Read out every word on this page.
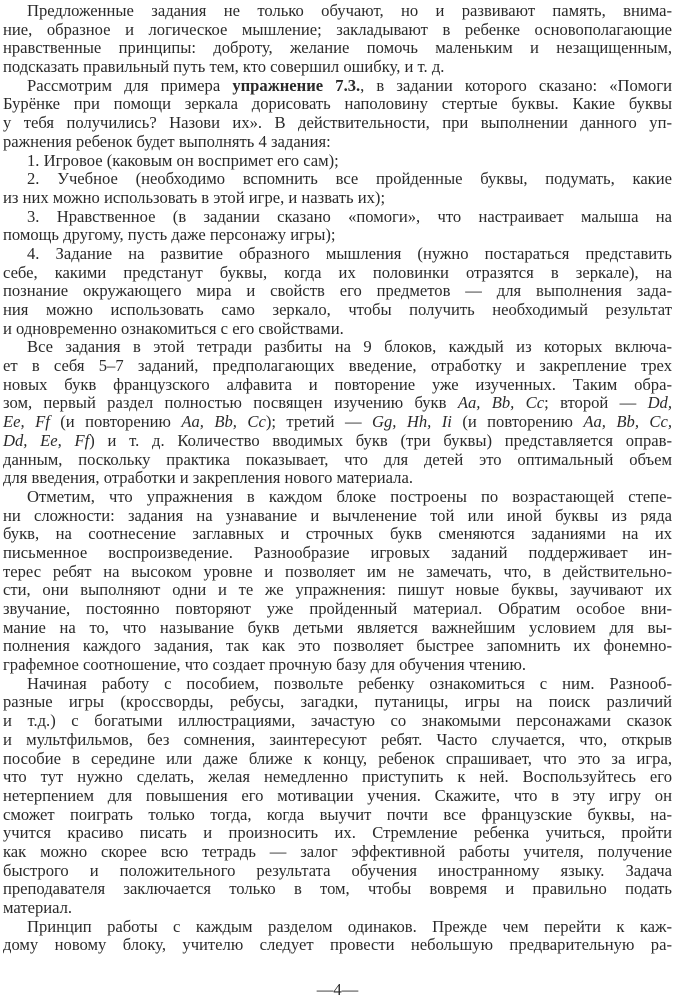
Предложенные задания не только обучают, но и развивают память, внима-
ние, образное и логическое мышление; закладывают в ребенке основополагающие
нравственные принципы: доброту, желание помочь маленьким и незащищенным,
подсказать правильный путь тем, кто совершил ошибку, и т. д.
Рассмотрим для примера упражнение 7.3., в задании которого сказано: «Помоги
Бурёнке при помощи зеркала дорисовать наполовину стертые буквы. Какие буквы
у тебя получились? Назови их». В действительности, при выполнении данного уп-
ражнения ребенок будет выполнять 4 задания:
1. Игровое (каковым он воспримет его сам);
2. Учебное (необходимо вспомнить все пройденные буквы, подумать, какие
из них можно использовать в этой игре, и назвать их);
3. Нравственное (в задании сказано «помоги», что настраивает малыша на
помощь другому, пусть даже персонажу игры);
4. Задание на развитие образного мышления (нужно постараться представить
себе, какими предстанут буквы, когда их половинки отразятся в зеркале), на
познание окружающего мира и свойств его предметов — для выполнения зада-
ния можно использовать само зеркало, чтобы получить необходимый результат
и одновременно ознакомиться с его свойствами.
Все задания в этой тетради разбиты на 9 блоков, каждый из которых включа-
ет в себя 5–7 заданий, предполагающих введение, отработку и закрепление трех
новых букв французского алфавита и повторение уже изученных. Таким обра-
зом, первый раздел полностью посвящен изучению букв Aa, Bb, Cc; второй — Dd,
Ee, Ff (и повторению Aa, Bb, Cc); третий — Gg, Hh, Ii (и повторению Aa, Bb, Cc,
Dd, Ee, Ff) и т. д. Количество вводимых букв (три буквы) представляется оправ-
данным, поскольку практика показывает, что для детей это оптимальный объем
для введения, отработки и закрепления нового материала.
Отметим, что упражнения в каждом блоке построены по возрастающей степе-
ни сложности: задания на узнавание и вычленение той или иной буквы из ряда
букв, на соотнесение заглавных и строчных букв сменяются заданиями на их
письменное воспроизведение. Разнообразие игровых заданий поддерживает ин-
терес ребят на высоком уровне и позволяет им не замечать, что, в действительно-
сти, они выполняют одни и те же упражнения: пишут новые буквы, заучивают их
звучание, постоянно повторяют уже пройденный материал. Обратим особое вни-
мание на то, что называние букв детьми является важнейшим условием для вы-
полнения каждого задания, так как это позволяет быстрее запомнить их фонемно-
графемное соотношение, что создает прочную базу для обучения чтению.
Начиная работу с пособием, позвольте ребенку ознакомиться с ним. Разнооб-
разные игры (кроссворды, ребусы, загадки, путаницы, игры на поиск различий
и т.д.) с богатыми иллюстрациями, зачастую со знакомыми персонажами сказок
и мультфильмов, без сомнения, заинтересуют ребят. Часто случается, что, открыв
пособие в середине или даже ближе к концу, ребенок спрашивает, что это за игра,
что тут нужно сделать, желая немедленно приступить к ней. Воспользуйтесь его
нетерпением для повышения его мотивации учения. Скажите, что в эту игру он
сможет поиграть только тогда, когда выучит почти все французские буквы, на-
учится красиво писать и произносить их. Стремление ребенка учиться, пройти
как можно скорее всю тетрадь — залог эффективной работы учителя, получение
быстрого и положительного результата обучения иностранному языку. Задача
преподавателя заключается только в том, чтобы вовремя и правильно подать
материал.
Принцип работы с каждым разделом одинаков. Прежде чем перейти к каж-
дому новому блоку, учителю следует провести небольшую предварительную ра-
—4—
